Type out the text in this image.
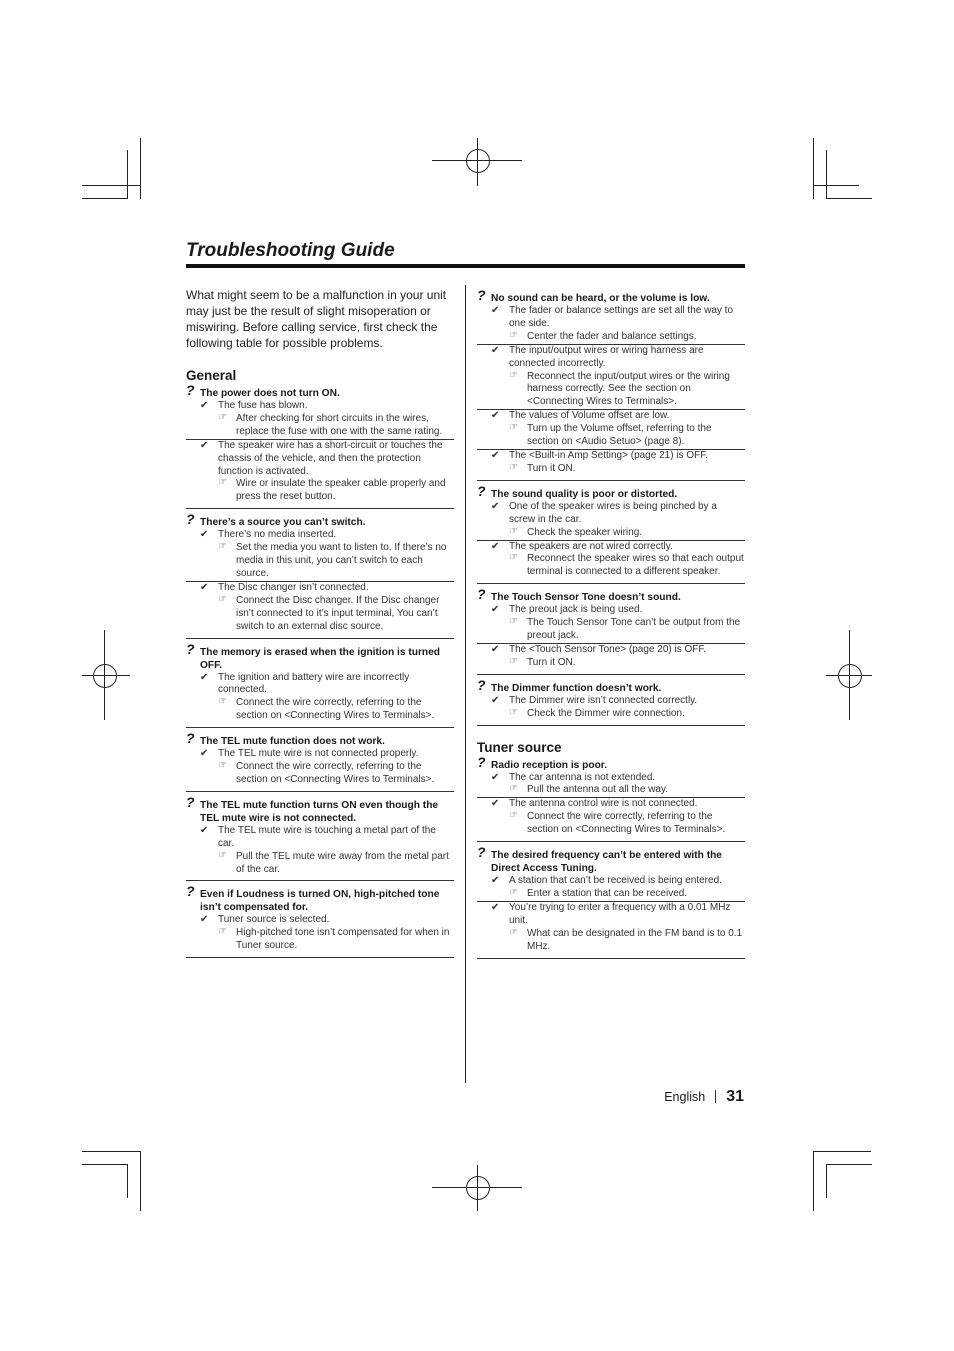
Troubleshooting Guide

What might seem to be a malfunction in your unit may just be the result of slight misoperation or miswiring. Before calling service, first check the following table for possible problems.

General
? The power does not turn ON.
✔ The fuse has blown.
☞ After checking for short circuits in the wires, replace the fuse with one with the same rating.
✔ The speaker wire has a short-circuit or touches the chassis of the vehicle, and then the protection function is activated.
☞ Wire or insulate the speaker cable properly and press the reset button.
? There’s a source you can’t switch.
✔ There’s no media inserted.
☞ Set the media you want to listen to. If there’s no media in this unit, you can’t switch to each source.
✔ The Disc changer isn’t connected.
☞ Connect the Disc changer. If the Disc changer isn’t connected to it’s input terminal, You can’t switch to an external disc source.
? The memory is erased when the ignition is turned OFF.
✔ The ignition and battery wire are incorrectly connected.
☞ Connect the wire correctly, referring to the section on <Connecting Wires to Terminals>.
? The TEL mute function does not work.
✔ The TEL mute wire is not connected properly.
☞ Connect the wire correctly, referring to the section on <Connecting Wires to Terminals>.
? The TEL mute function turns ON even though the TEL mute wire is not connected.
✔ The TEL mute wire is touching a metal part of the car.
☞ Pull the TEL mute wire away from the metal part of the car.
? Even if Loudness is turned ON, high-pitched tone isn’t compensated for.
✔ Tuner source is selected.
☞ High-pitched tone isn’t compensated for when in Tuner source.
? No sound can be heard, or the volume is low.
✔ The fader or balance settings are set all the way to one side.
☞ Center the fader and balance settings.
✔ The input/output wires or wiring harness are connected incorrectly.
☞ Reconnect the input/output wires or the wiring harness correctly. See the section on <Connecting Wires to Terminals>.
✔ The values of Volume offset are low.
☞ Turn up the Volume offset, referring to the section on <Audio Setuo> (page 8).
✔ The <Built-in Amp Setting> (page 21) is OFF.
☞ Turn it ON.
? The sound quality is poor or distorted.
✔ One of the speaker wires is being pinched by a screw in the car.
☞ Check the speaker wiring.
✔ The speakers are not wired correctly.
☞ Reconnect the speaker wires so that each output terminal is connected to a different speaker.
? The Touch Sensor Tone doesn’t sound.
✔ The preout jack is being used.
☞ The Touch Sensor Tone can’t be output from the preout jack.
✔ The <Touch Sensor Tone> (page 20) is OFF.
☞ Turn it ON.
? The Dimmer function doesn’t work.
✔ The Dimmer wire isn’t connected correctly.
☞ Check the Dimmer wire connection.
Tuner source
? Radio reception is poor.
✔ The car antenna is not extended.
☞ Pull the antenna out all the way.
✔ The antenna control wire is not connected.
☞ Connect the wire correctly, referring to the section on <Connecting Wires to Terminals>.
? The desired frequency can’t be entered with the Direct Access Tuning.
✔ A station that can’t be received is being entered.
☞ Enter a station that can be received.
✔ You’re trying to enter a frequency with a 0.01 MHz unit.
☞ What can be designated in the FM band is to 0.1 MHz.
English 31
